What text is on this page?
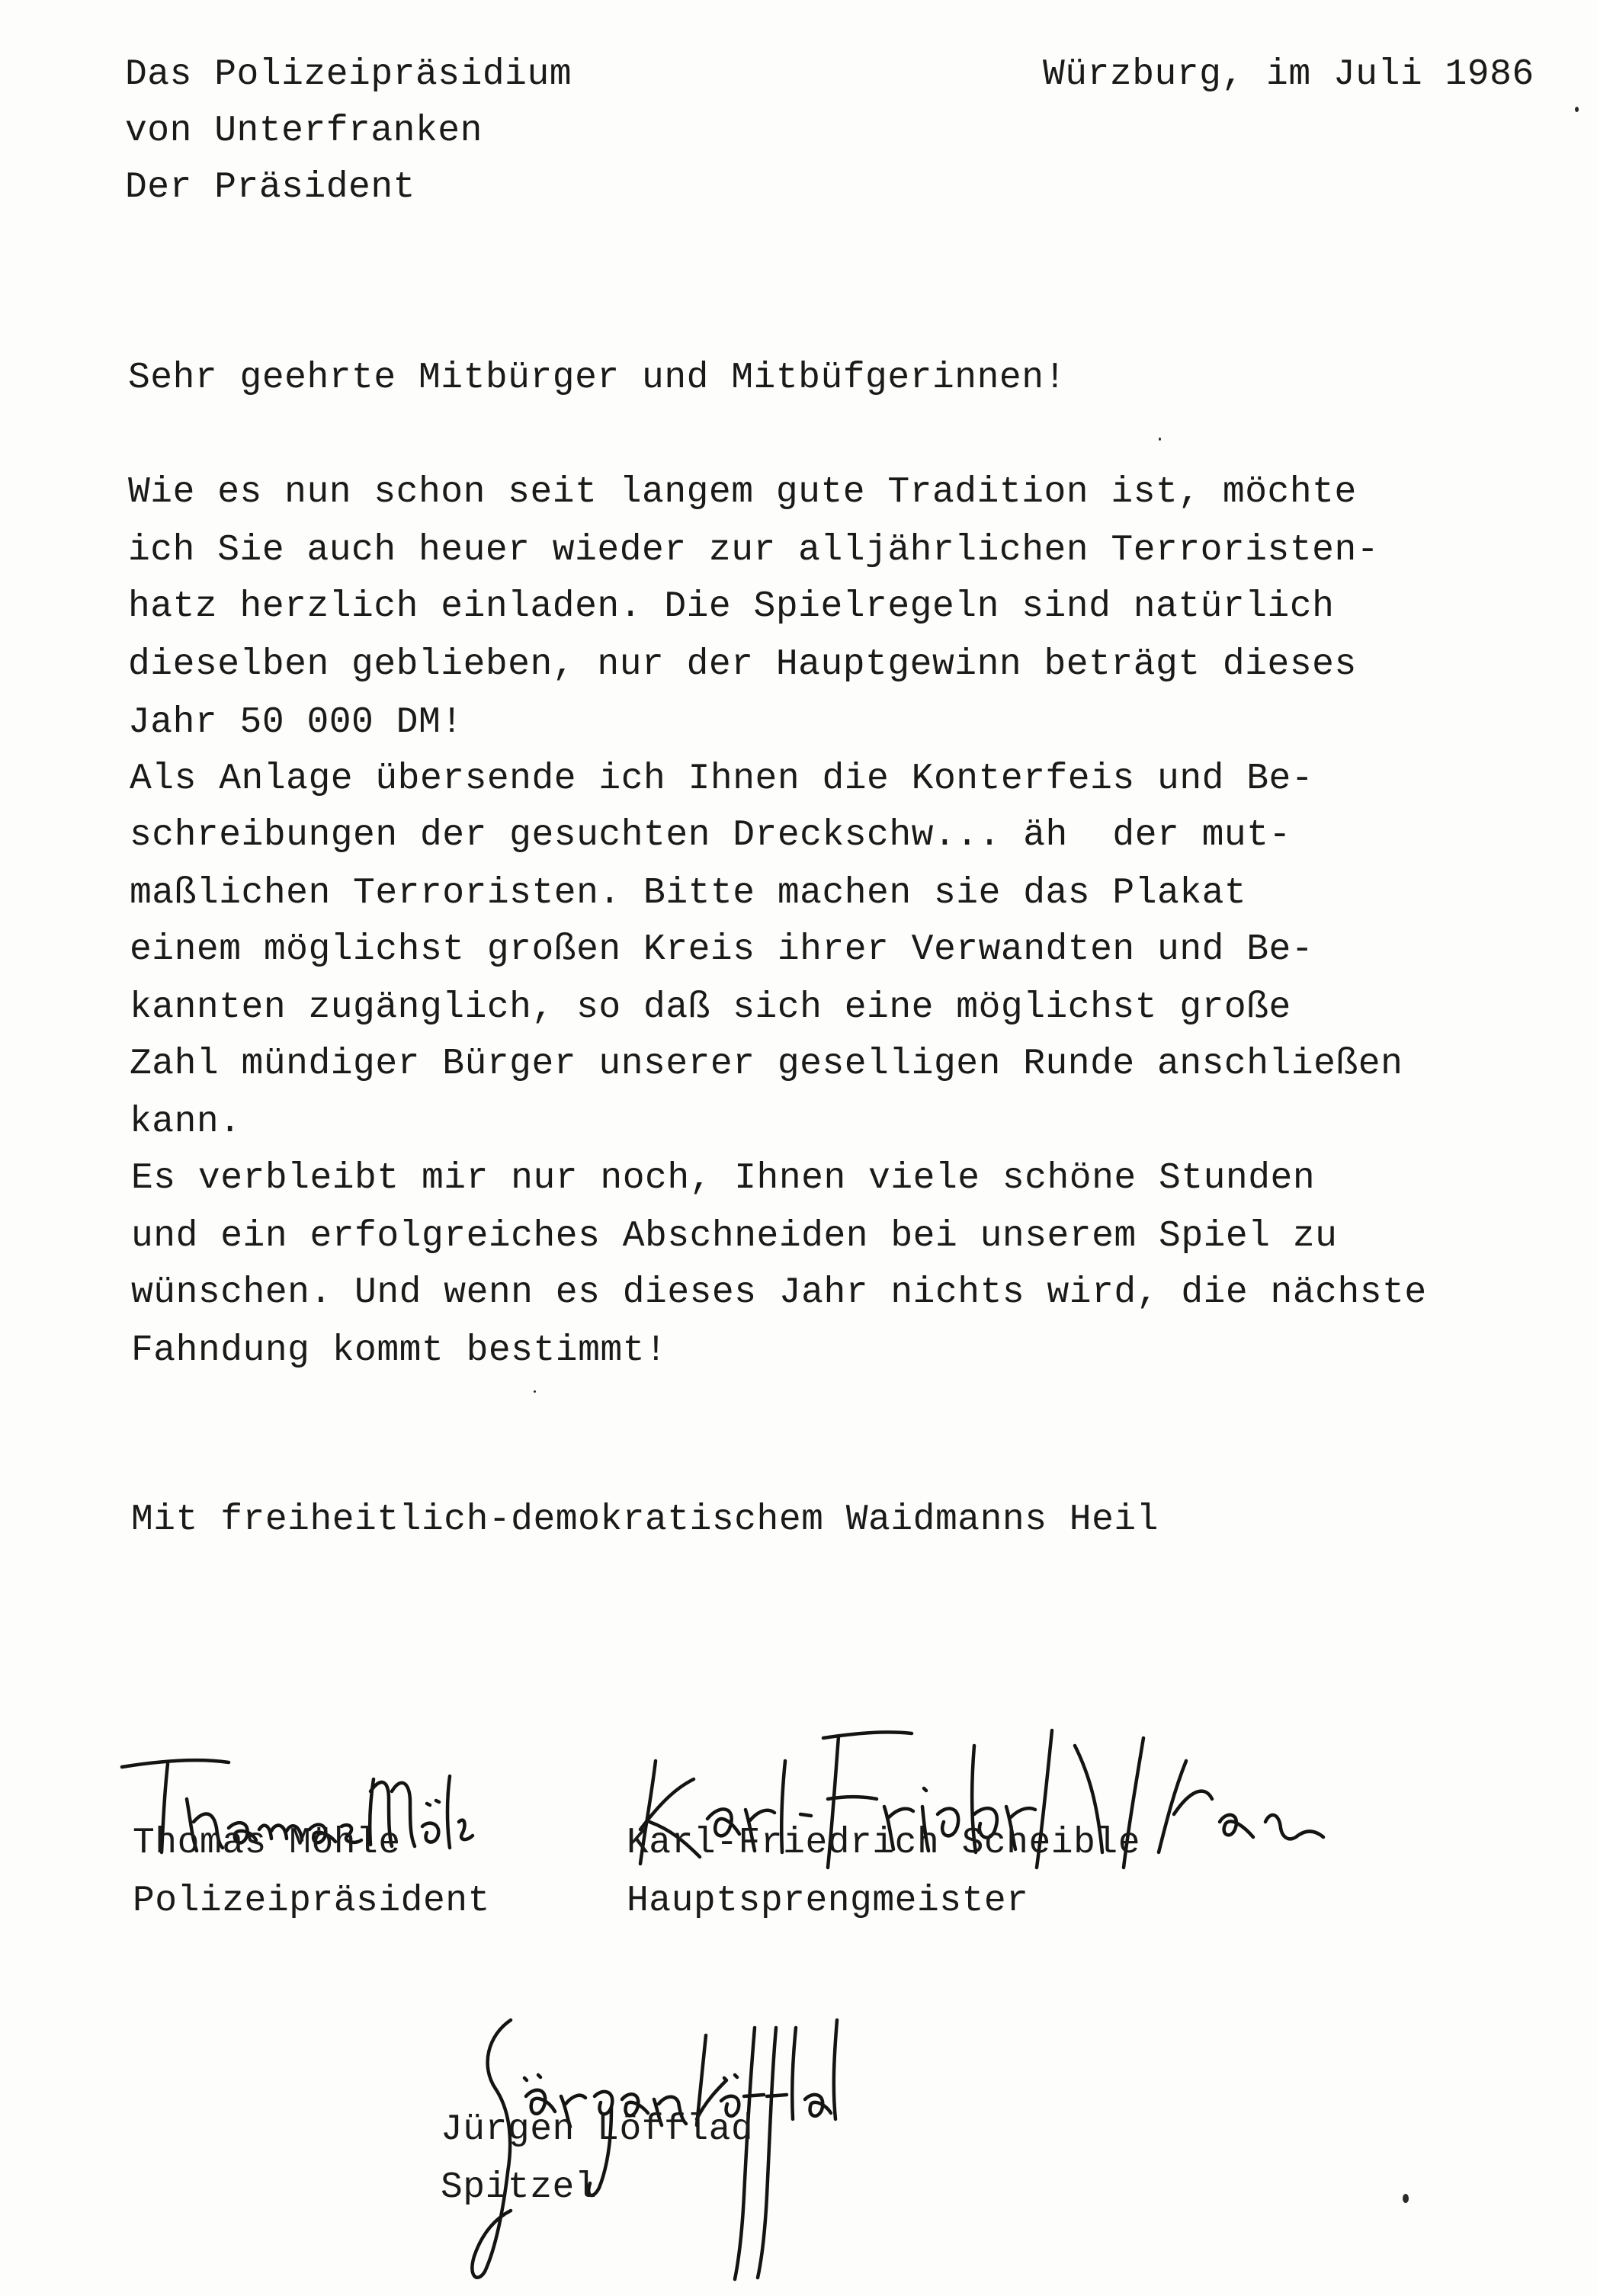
Das Polizeipräsidium
von Unterfranken
Der Präsident
Würzburg, im Juli 1986
Sehr geehrte Mitbürger und Mitbüfgerinnen!
Wie es nun schon seit langem gute Tradition ist, möchte
ich Sie auch heuer wieder zur alljährlichen Terroristen-
hatz herzlich einladen. Die Spielregeln sind natürlich
dieselben geblieben, nur der Hauptgewinn beträgt dieses
Jahr 50 000 DM!
Als Anlage übersende ich Ihnen die Konterfeis und Be-
schreibungen der gesuchten Dreckschw... äh  der mut-
maßlichen Terroristen. Bitte machen sie das Plakat
einem möglichst großen Kreis ihrer Verwandten und Be-
kannten zugänglich, so daß sich eine möglichst große
Zahl mündiger Bürger unserer geselligen Runde anschließen
kann.
Es verbleibt mir nur noch, Ihnen viele schöne Stunden
und ein erfolgreiches Abschneiden bei unserem Spiel zu
wünschen. Und wenn es dieses Jahr nichts wird, die nächste
Fahndung kommt bestimmt!
Mit freiheitlich-demokratischem Waidmanns Heil
Thomas Möhle
Polizeipräsident
Karl-Friedrich Scheible
Hauptsprengmeister
Jürgen Löfflad
Spitzel
